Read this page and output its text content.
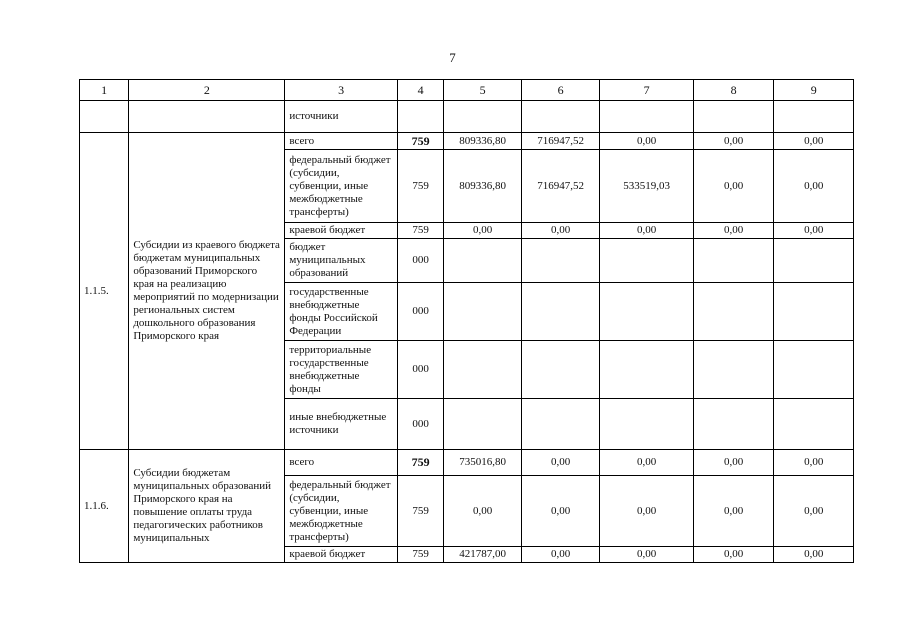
7
1	2	3	4	5	6	7	8	9
		источники						
1.1.5.	Субсидии из краевого бюджета бюджетам муниципальных образований Приморского края на реализацию мероприятий по модернизации региональных систем дошкольного образования Приморского края	всего	759	809336,80	716947,52	0,00	0,00	0,00
		федеральный бюджет (субсидии, субвенции, иные межбюджетные трансферты)	759	809336,80	716947,52	533519,03	0,00	0,00
		краевой бюджет	759	0,00	0,00	0,00	0,00	0,00
		бюджет муниципальных образований	000					
		государственные внебюджетные фонды Российской Федерации	000					
		территориальные государственные внебюджетные фонды	000					
		иные внебюджетные источники	000					
1.1.6.	Субсидии бюджетам муниципальных образований Приморского края на повышение оплаты труда педагогических работников муниципальных	всего	759	735016,80	0,00	0,00	0,00	0,00
		федеральный бюджет (субсидии, субвенции, иные межбюджетные трансферты)	759	0,00	0,00	0,00	0,00	0,00
		краевой бюджет	759	421787,00	0,00	0,00	0,00	0,00
